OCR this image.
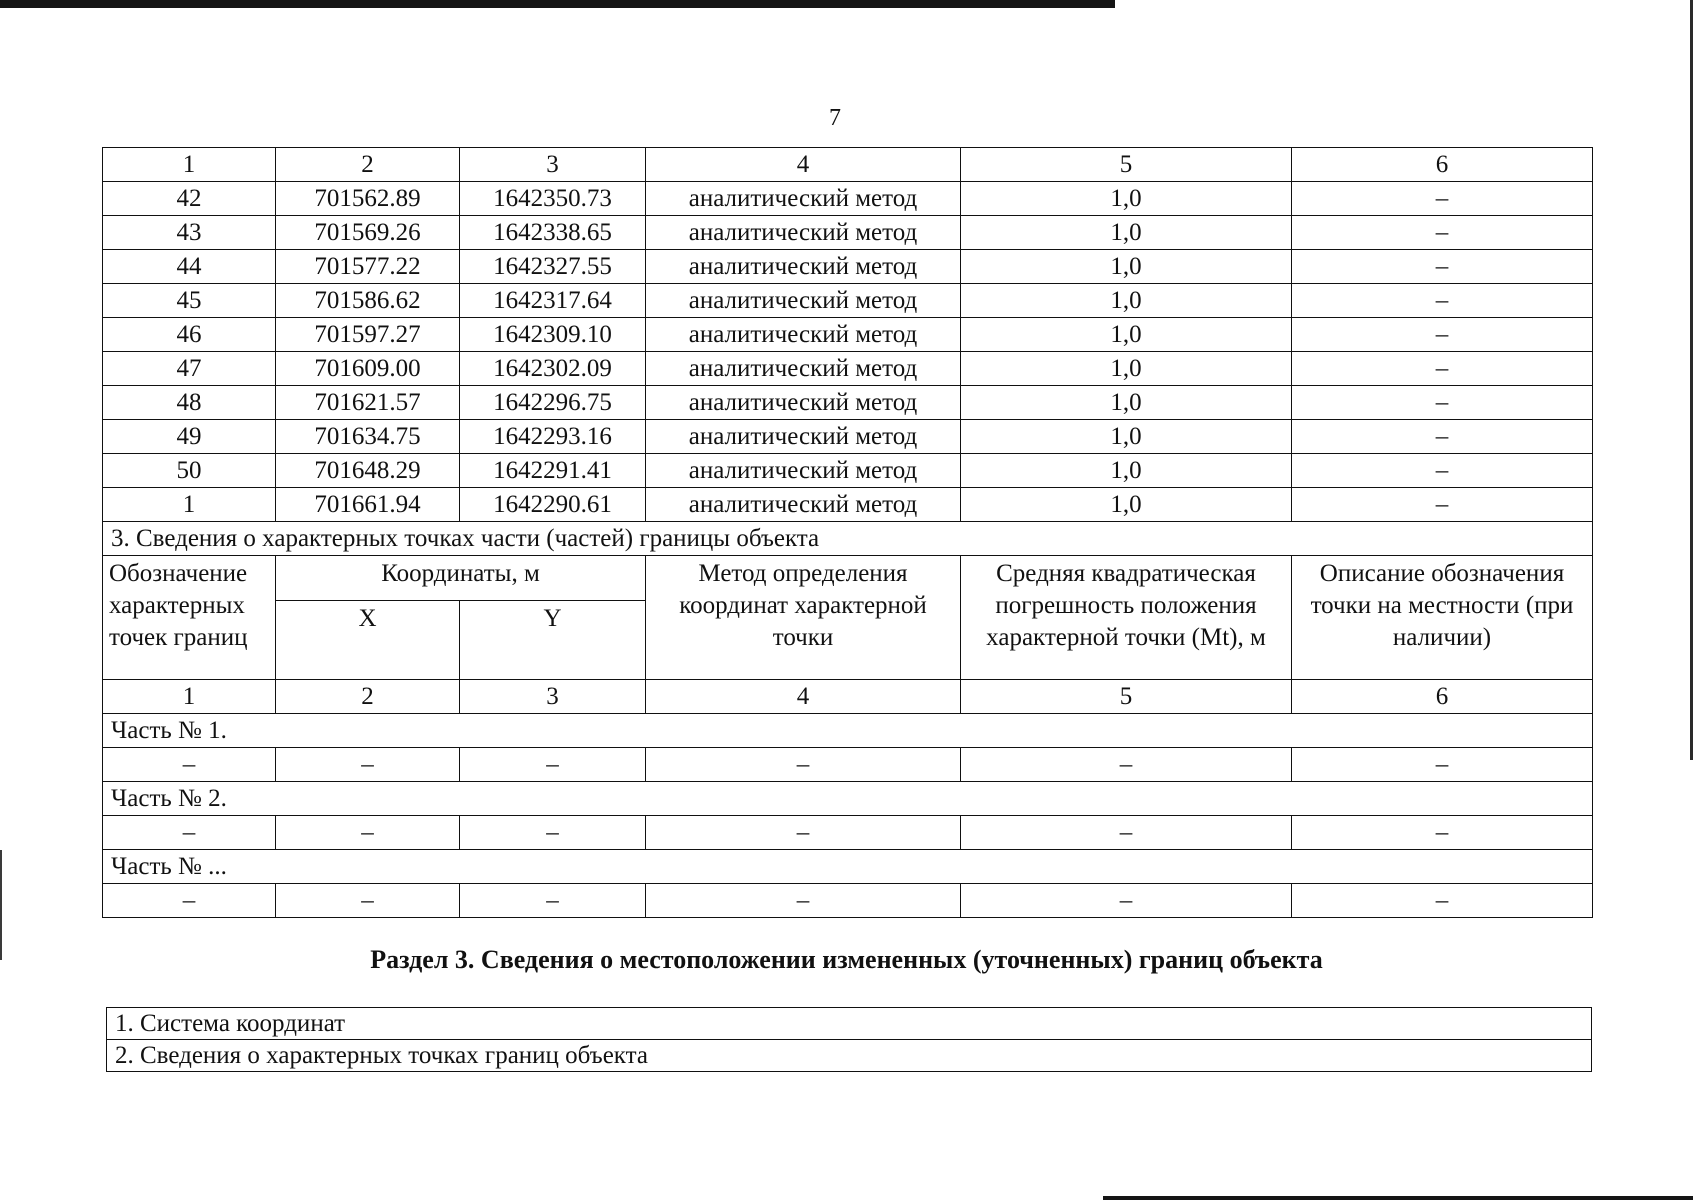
7
1	2	3	4	5	6
42	701562.89	1642350.73	аналитический метод	1,0	–
43	701569.26	1642338.65	аналитический метод	1,0	–
44	701577.22	1642327.55	аналитический метод	1,0	–
45	701586.62	1642317.64	аналитический метод	1,0	–
46	701597.27	1642309.10	аналитический метод	1,0	–
47	701609.00	1642302.09	аналитический метод	1,0	–
48	701621.57	1642296.75	аналитический метод	1,0	–
49	701634.75	1642293.16	аналитический метод	1,0	–
50	701648.29	1642291.41	аналитический метод	1,0	–
1	701661.94	1642290.61	аналитический метод	1,0	–
3. Сведения о характерных точках части (частей) границы объекта					
Обозначение характерных точек границ	Координаты, м		Метод определения координат характерной точки	Средняя квадратическая погрешность положения характерной точки (Mt), м	Описание обозначения точки на местности (при наличии)
	X	Y			
1	2	3	4	5	6
Часть № 1.					
–	–	–	–	–	–
Часть № 2.					
–	–	–	–	–	–
Часть № ...					
–	–	–	–	–	–
Раздел 3. Сведения о местоположении измененных (уточненных) границ объекта
1. Система координат
2. Сведения о характерных точках границ объекта
